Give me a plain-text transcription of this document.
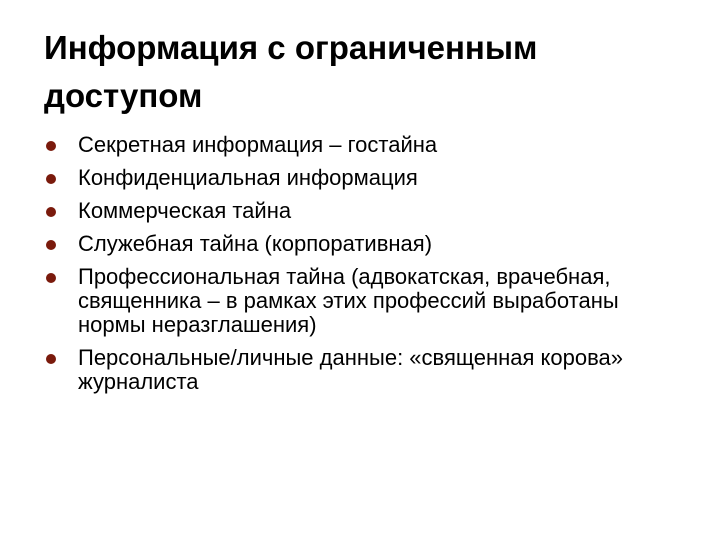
Информация с ограниченным доступом
Секретная информация – гостайна
Конфиденциальная информация
Коммерческая тайна
Служебная тайна (корпоративная)
Профессиональная тайна (адвокатская, врачебная, священника – в рамках этих профессий выработаны нормы неразглашения)
Персональные/личные данные: «священная корова» журналиста
